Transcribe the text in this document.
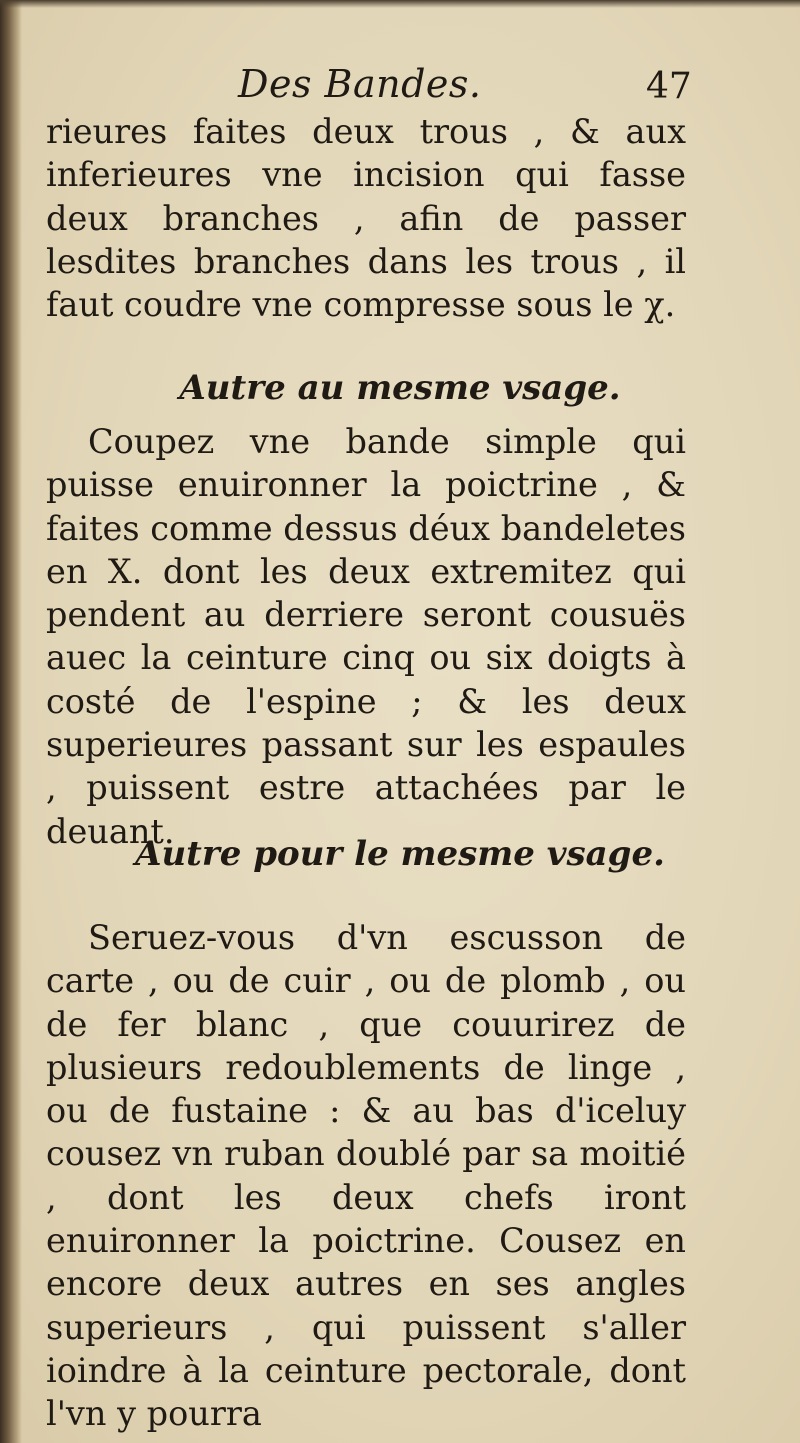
Des Bandes.	47

rieures faites deux trous , & aux inferieures vne incision qui fasse deux branches , afin de passer lesdites branches dans les trous , il faut coudre vne compresse sous le χ.

Autre au mesme vsage.

Coupez vne bande simple qui puisse enuironner la poictrine , & faites comme dessus déux bandeletes en X. dont les deux extremitez qui pendent au derriere seront cousuës auec la ceinture cinq ou six doigts à costé de l'espine ; & les deux superieures passant sur les espaules , puissent estre attachées par le deuant.

Autre pour le mesme vsage.

Seruez-vous d'vn escusson de carte , ou de cuir , ou de plomb , ou de fer blanc , que couurirez de plusieurs redoublements de linge , ou de fustaine : & au bas d'iceluy cousez vn ruban doublé par sa moitié , dont les deux chefs iront enuironner la poictrine. Cousez en encore deux autres en ses angles superieurs , qui puissent s'aller ioindre à la ceinture pectorale, dont l'vn y pourra
